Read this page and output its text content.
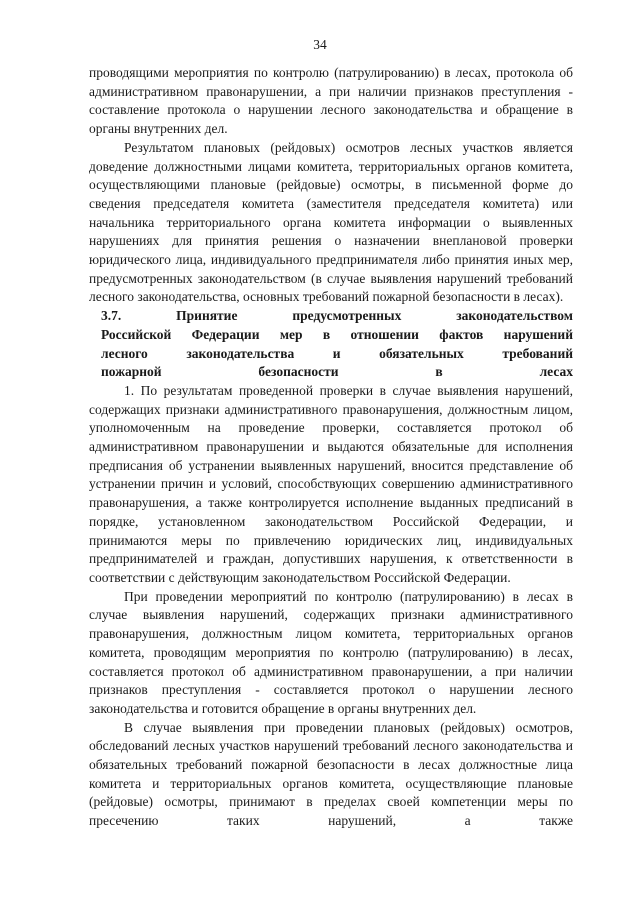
34

проводящими мероприятия по контролю (патрулированию) в лесах, протокола об административном правонарушении, а при наличии признаков преступления - составление протокола о нарушении лесного законодательства и обращение в органы внутренних дел.

Результатом плановых (рейдовых) осмотров лесных участков является доведение должностными лицами комитета, территориальных органов комитета, осуществляющими плановые (рейдовые) осмотры, в письменной форме до сведения председателя комитета (заместителя председателя комитета) или начальника территориального органа комитета информации о выявленных нарушениях для принятия решения о назначении внеплановой проверки юридического лица, индивидуального предпринимателя либо принятия иных мер, предусмотренных законодательством (в случае выявления нарушений требований лесного законодательства, основных требований пожарной безопасности в лесах).

3.7. Принятие предусмотренных законодательством

Российской Федерации мер в отношении фактов нарушений

лесного законодательства и обязательных требований

пожарной безопасности в лесах

1. По результатам проведенной проверки в случае выявления нарушений, содержащих признаки административного правонарушения, должностным лицом, уполномоченным на проведение проверки, составляется протокол об административном правонарушении и выдаются обязательные для исполнения предписания об устранении выявленных нарушений, вносится представление об устранении причин и условий, способствующих совершению административного правонарушения, а также контролируется исполнение выданных предписаний в порядке, установленном законодательством Российской Федерации, и принимаются меры по привлечению юридических лиц, индивидуальных предпринимателей и граждан, допустивших нарушения, к ответственности в соответствии с действующим законодательством Российской Федерации.

При проведении мероприятий по контролю (патрулированию) в лесах в случае выявления нарушений, содержащих признаки административного правонарушения, должностным лицом комитета, территориальных органов комитета, проводящим мероприятия по контролю (патрулированию) в лесах, составляется протокол об административном правонарушении, а при наличии признаков преступления - составляется протокол о нарушении лесного законодательства и готовится обращение в органы внутренних дел.

В случае выявления при проведении плановых (рейдовых) осмотров, обследований лесных участков нарушений требований лесного законодательства и обязательных требований пожарной безопасности в лесах должностные лица комитета и территориальных органов комитета, осуществляющие плановые (рейдовые) осмотры, принимают в пределах своей компетенции меры по пресечению таких нарушений, а также
